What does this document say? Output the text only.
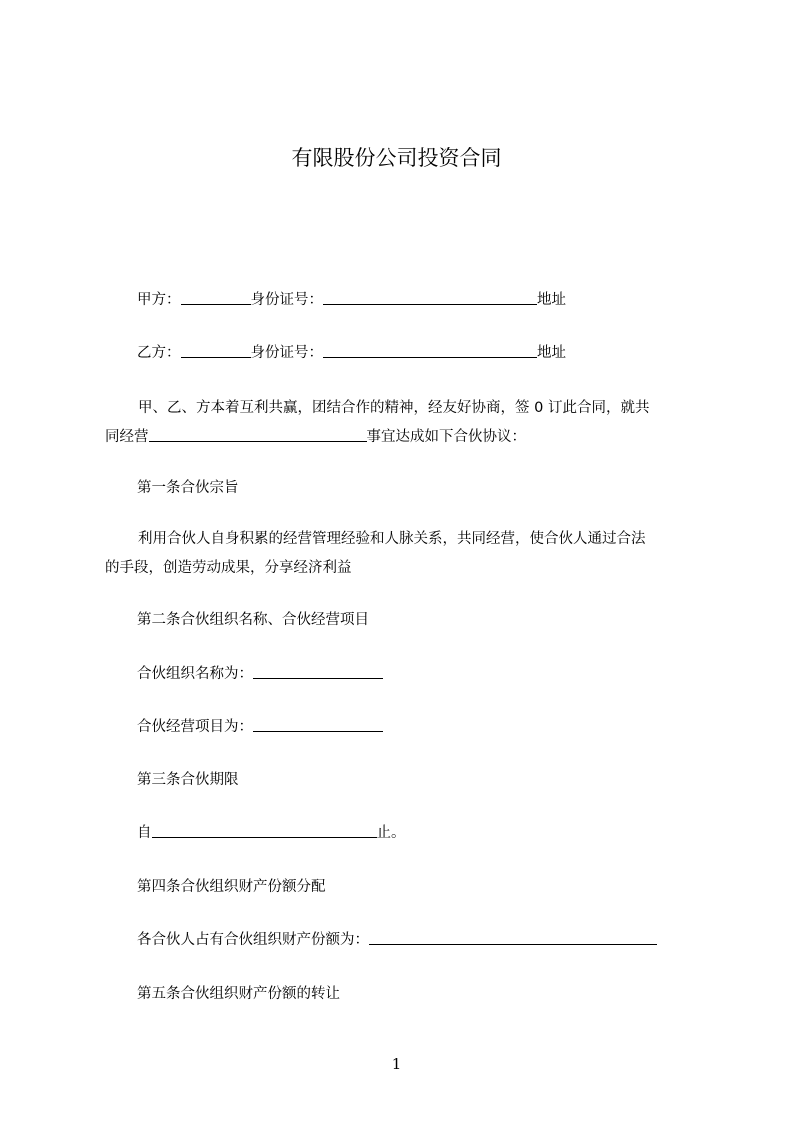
有限股份公司投资合同
甲方：	身份证号：	地址
乙方：	身份证号：	地址
甲、乙、方本着互利共赢，团结合作的精神，经友好协商，签 0 订此合同，就共
同经营	事宜达成如下合伙协议：
第一条合伙宗旨
利用合伙人自身积累的经营管理经验和人脉关系，共同经营，使合伙人通过合法
的手段，创造劳动成果，分享经济利益
第二条合伙组织名称、合伙经营项目
合伙组织名称为：
合伙经营项目为：
第三条合伙期限
自	止。
第四条合伙组织财产份额分配
各合伙人占有合伙组织财产份额为：
第五条合伙组织财产份额的转让
1
